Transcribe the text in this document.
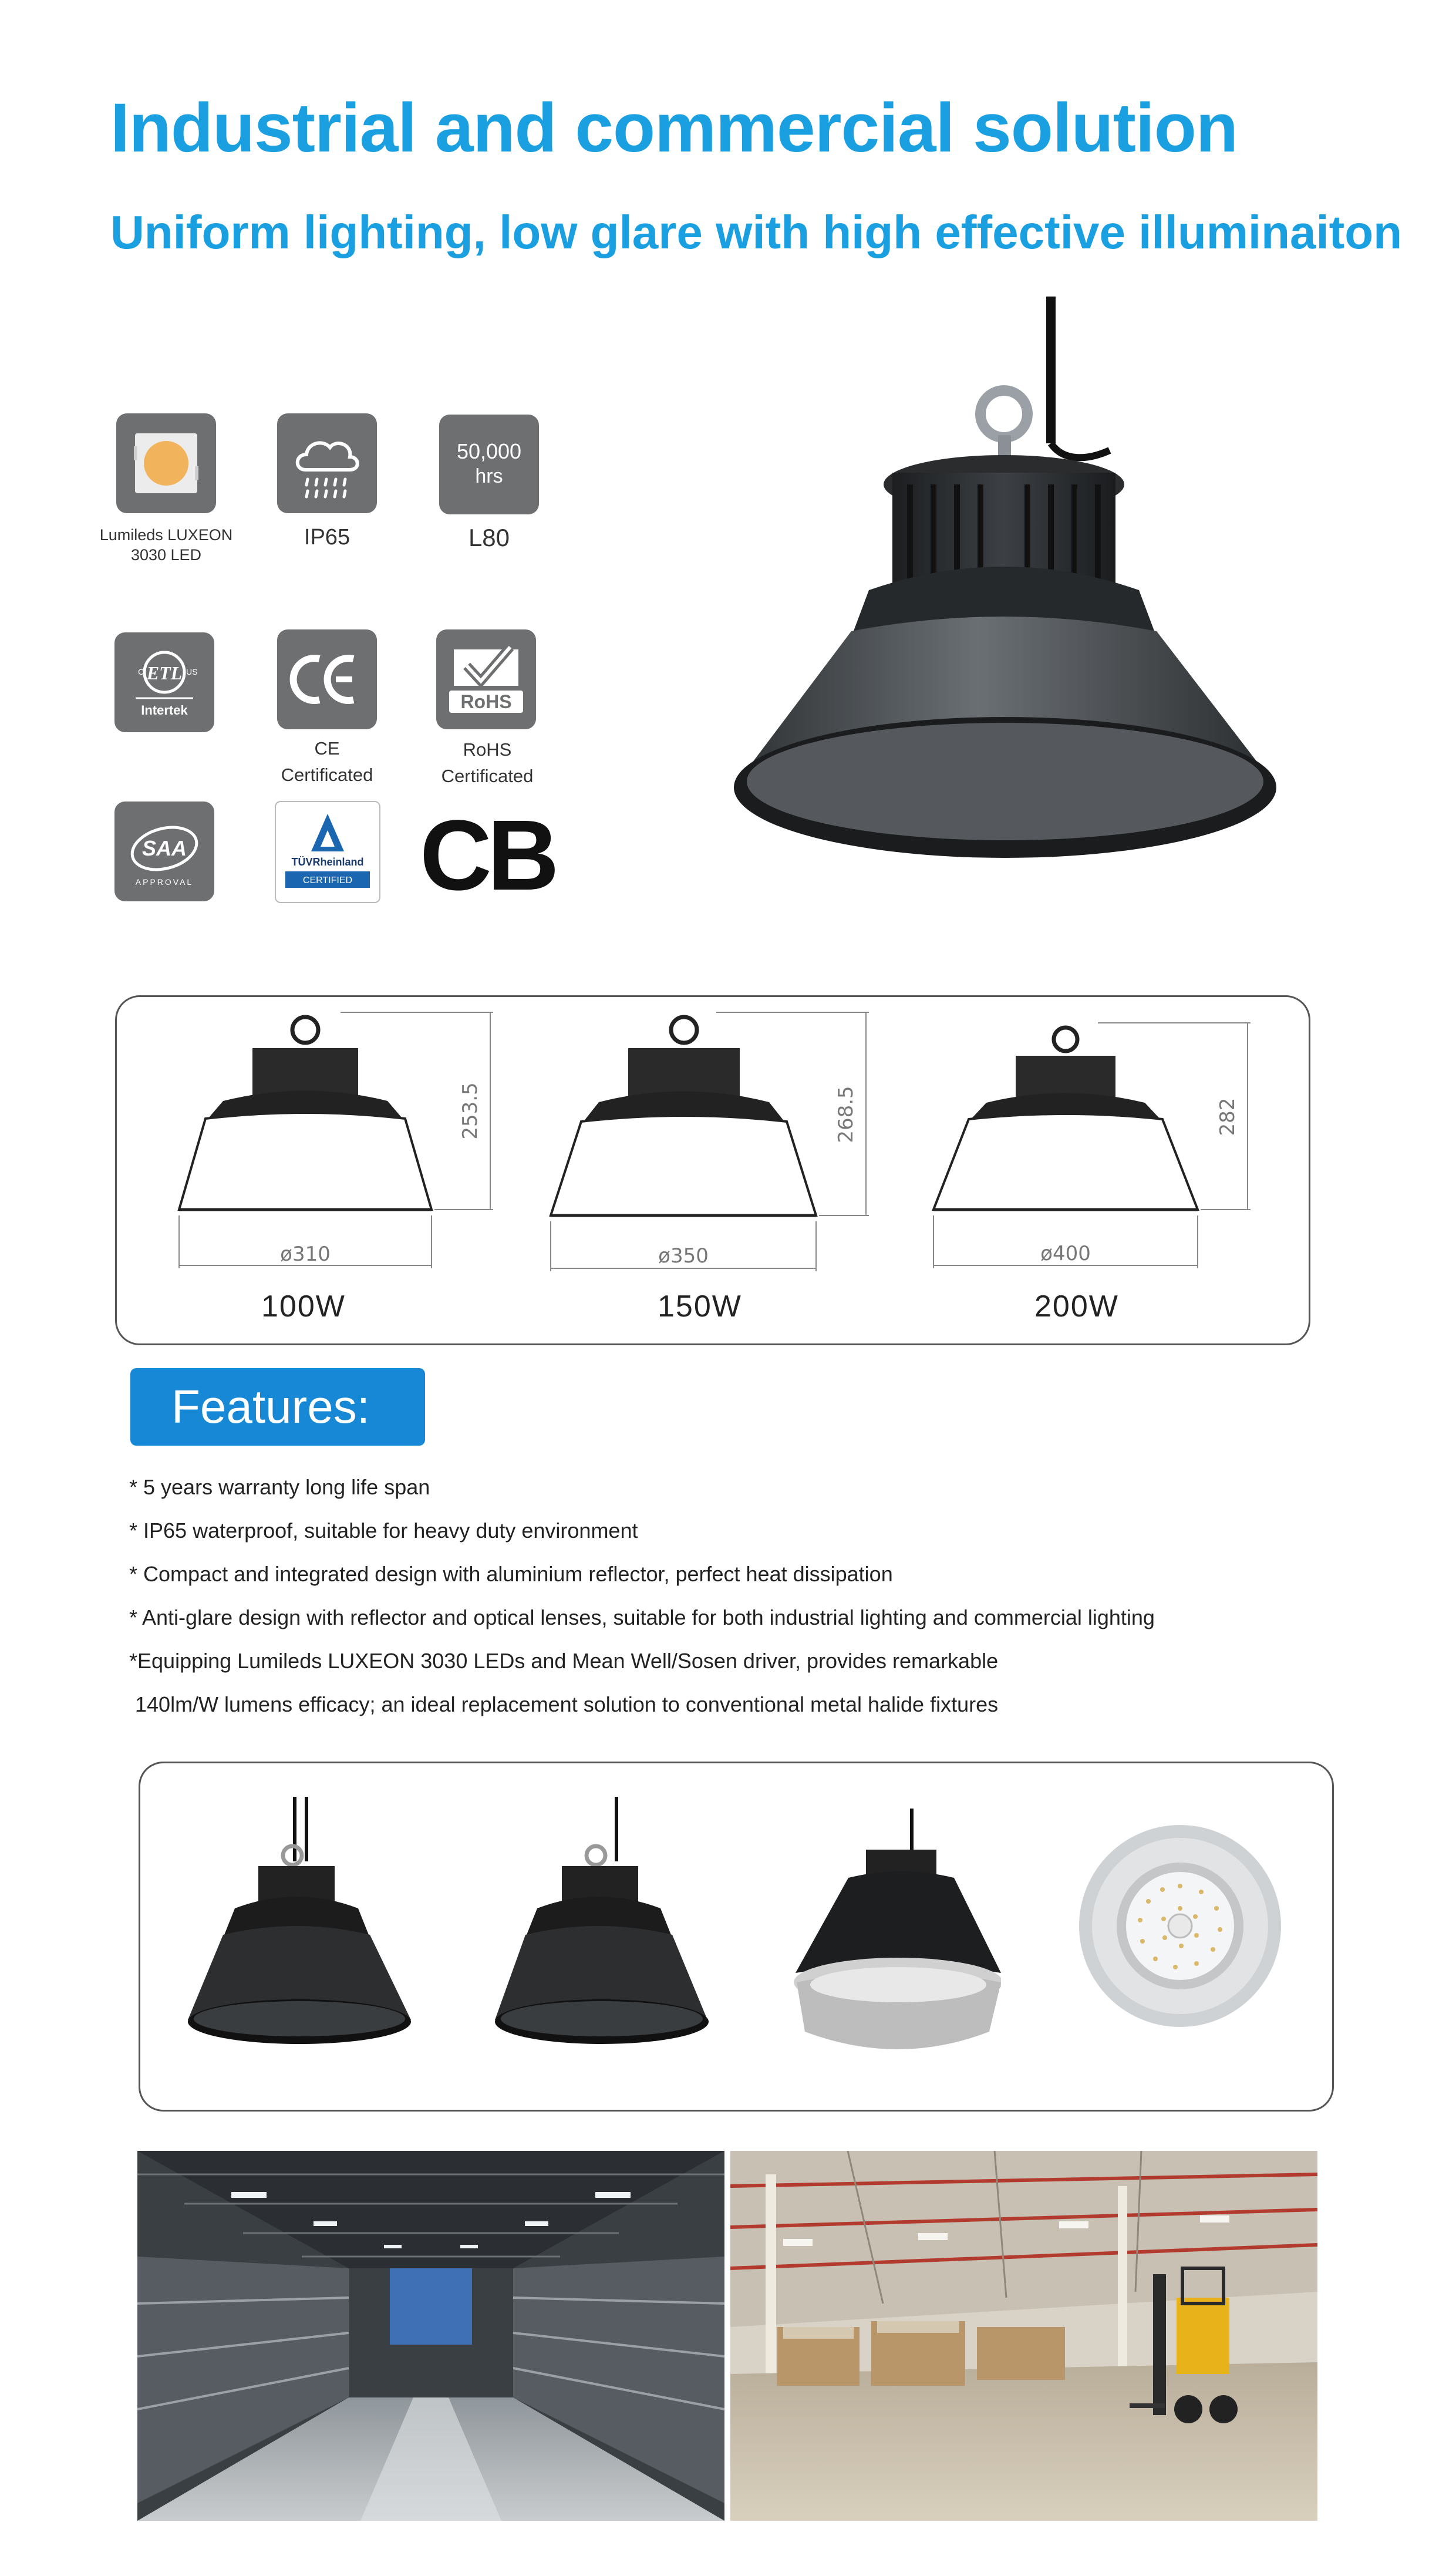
Industrial and commercial solution
Uniform lighting, low glare with high effective illuminaiton
Lumileds LUXEON
3030 LED
IP65
50,000
hrs
L80
ETL
C	US
Intertek
CE
Certificated
RoHS
RoHS
Certificated
SAA
APPROVAL
TÜVRheinland
CERTIFIED CB
ø310
253.5
100W
ø350
268.5
150W
ø400
282
200W
Features:
* 5 years warranty long life span
* IP65 waterproof, suitable for heavy duty environment
* Compact and integrated design with aluminium reflector, perfect heat dissipation
* Anti-glare design with reflector and optical lenses, suitable for both industrial lighting and commercial lighting
*Equipping Lumileds LUXEON 3030 LEDs and Mean Well/Sosen driver, provides remarkable
140lm/W lumens efficacy; an ideal replacement solution to conventional metal halide fixtures
